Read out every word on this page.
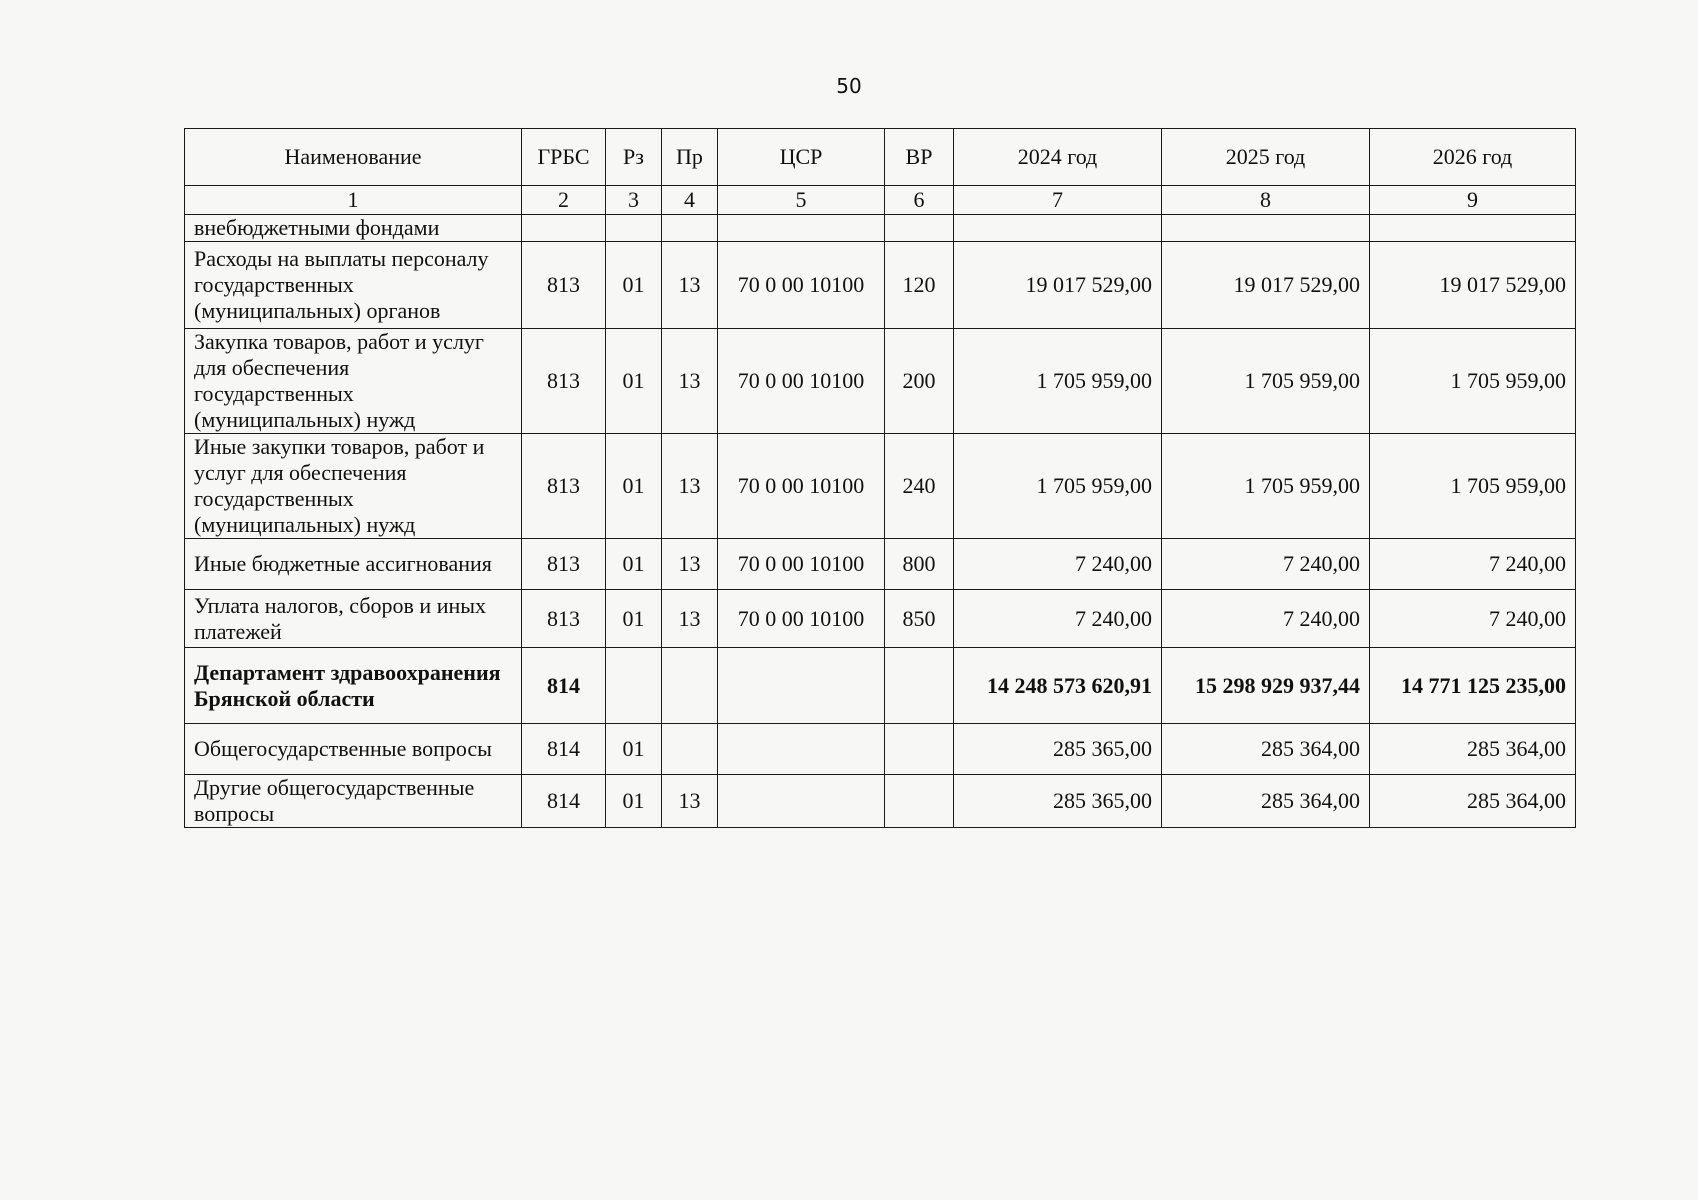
50
Наименование	ГРБС	Рз	Пр	ЦСР	ВР	2024 год	2025 год	2026 год
1	2	3	4	5	6	7	8	9
внебюджетными фондами								
Расходы на выплаты персоналу государственных (муниципальных) органов	813	01	13	70 0 00 10100	120	19 017 529,00	19 017 529,00	19 017 529,00
Закупка товаров, работ и услуг для обеспечения государственных (муниципальных) нужд	813	01	13	70 0 00 10100	200	1 705 959,00	1 705 959,00	1 705 959,00
Иные закупки товаров, работ и услуг для обеспечения государственных (муниципальных) нужд	813	01	13	70 0 00 10100	240	1 705 959,00	1 705 959,00	1 705 959,00
Иные бюджетные ассигнования	813	01	13	70 0 00 10100	800	7 240,00	7 240,00	7 240,00
Уплата налогов, сборов и иных платежей	813	01	13	70 0 00 10100	850	7 240,00	7 240,00	7 240,00
Департамент здравоохранения Брянской области	814					14 248 573 620,91	15 298 929 937,44	14 771 125 235,00
Общегосударственные вопросы	814	01				285 365,00	285 364,00	285 364,00
Другие общегосударственные вопросы	814	01	13			285 365,00	285 364,00	285 364,00
